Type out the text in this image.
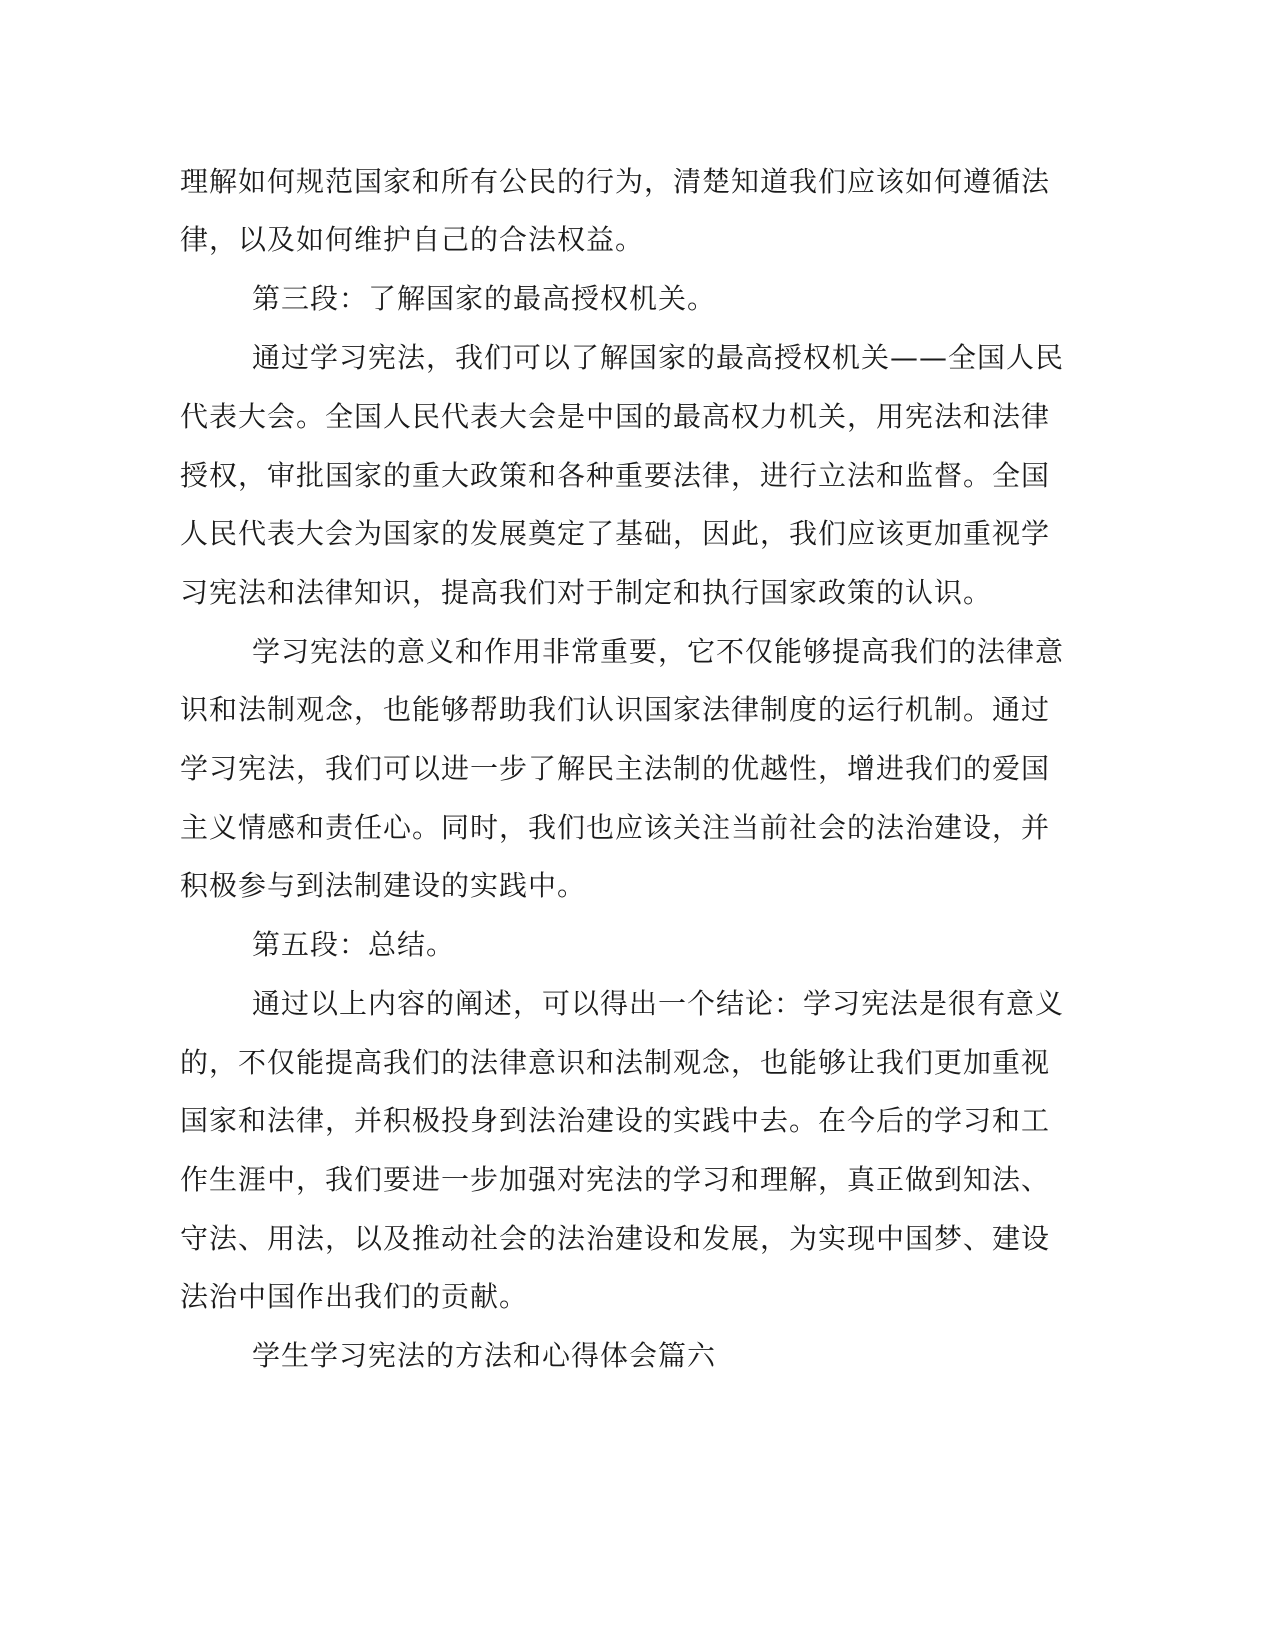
理解如何规范国家和所有公民的行为，清楚知道我们应该如何遵循法
律，以及如何维护自己的合法权益。
第三段：了解国家的最高授权机关。
通过学习宪法，我们可以了解国家的最高授权机关——全国人民
代表大会。全国人民代表大会是中国的最高权力机关，用宪法和法律
授权，审批国家的重大政策和各种重要法律，进行立法和监督。全国
人民代表大会为国家的发展奠定了基础，因此，我们应该更加重视学
习宪法和法律知识，提高我们对于制定和执行国家政策的认识。
学习宪法的意义和作用非常重要，它不仅能够提高我们的法律意
识和法制观念，也能够帮助我们认识国家法律制度的运行机制。通过
学习宪法，我们可以进一步了解民主法制的优越性，增进我们的爱国
主义情感和责任心。同时，我们也应该关注当前社会的法治建设，并
积极参与到法制建设的实践中。
第五段：总结。
通过以上内容的阐述，可以得出一个结论：学习宪法是很有意义
的，不仅能提高我们的法律意识和法制观念，也能够让我们更加重视
国家和法律，并积极投身到法治建设的实践中去。在今后的学习和工
作生涯中，我们要进一步加强对宪法的学习和理解，真正做到知法、
守法、用法，以及推动社会的法治建设和发展，为实现中国梦、建设
法治中国作出我们的贡献。
学生学习宪法的方法和心得体会篇六
